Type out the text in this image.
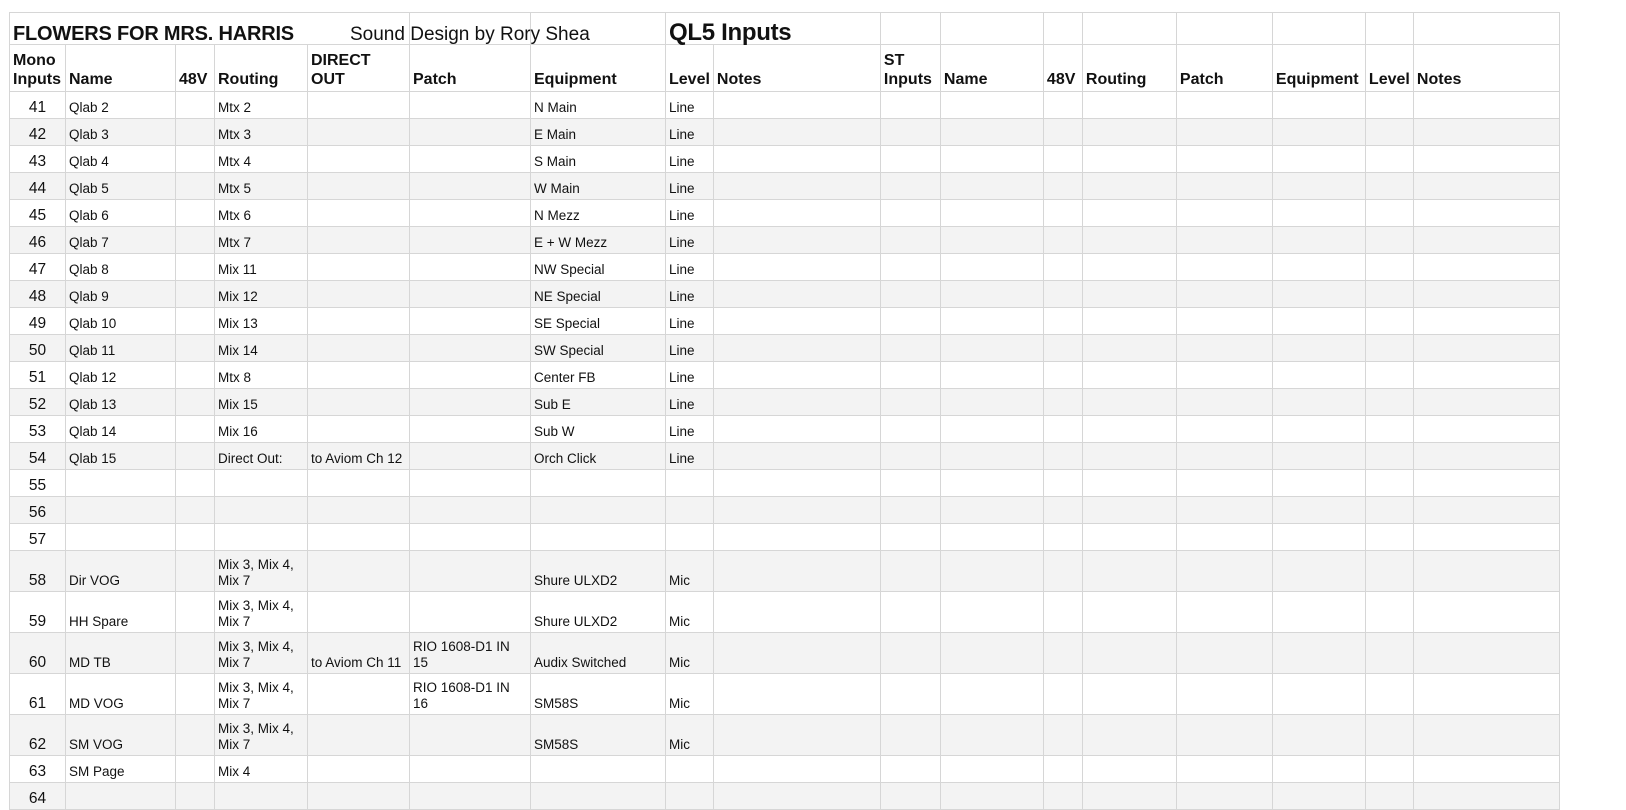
FLOWERS FOR MRS. HARRIS Sound Design by Rory Shea							QL5 Inputs									
Mono Inputs	Name	48V	Routing	DIRECT OUT	Patch	Equipment	Level	Notes	ST Inputs	Name	48V	Routing	Patch	Equipment	Level	Notes
41	Qlab 2		Mtx 2			N Main	Line									
42	Qlab 3		Mtx 3			E Main	Line									
43	Qlab 4		Mtx 4			S Main	Line									
44	Qlab 5		Mtx 5			W Main	Line									
45	Qlab 6		Mtx 6			N Mezz	Line									
46	Qlab 7		Mtx 7			E + W Mezz	Line									
47	Qlab 8		Mix 11			NW Special	Line									
48	Qlab 9		Mix 12			NE Special	Line									
49	Qlab 10		Mix 13			SE Special	Line									
50	Qlab 11		Mix 14			SW Special	Line									
51	Qlab 12		Mtx 8			Center FB	Line									
52	Qlab 13		Mix 15			Sub E	Line									
53	Qlab 14		Mix 16			Sub W	Line									
54	Qlab 15		Direct Out:	to Aviom Ch 12		Orch Click	Line									
55																
56																
57																
58	Dir VOG		Mix 3, Mix 4, Mix 7			Shure ULXD2	Mic									
59	HH Spare		Mix 3, Mix 4, Mix 7			Shure ULXD2	Mic									
60	MD TB		Mix 3, Mix 4, Mix 7	to Aviom Ch 11	RIO 1608-D1 IN 15	Audix Switched	Mic									
61	MD VOG		Mix 3, Mix 4, Mix 7		RIO 1608-D1 IN 16	SM58S	Mic									
62	SM VOG		Mix 3, Mix 4, Mix 7			SM58S	Mic									
63	SM Page		Mix 4													
64																
